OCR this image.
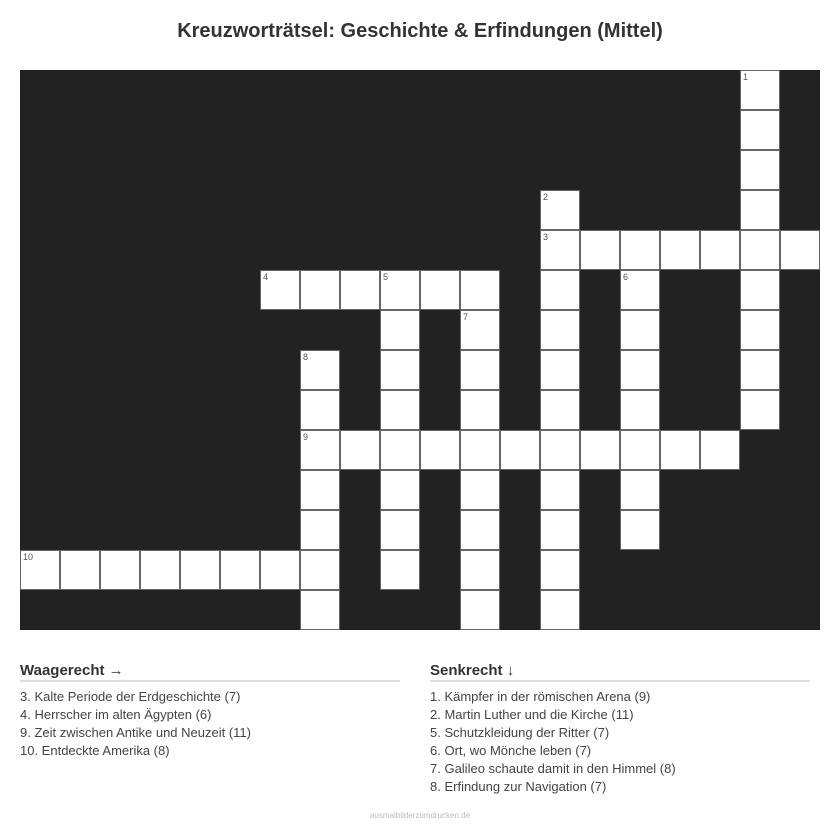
Kreuzworträtsel: Geschichte & Erfindungen (Mittel)
1
2
3
4	5	6
7
8
9
10
Waagerecht →
3. Kalte Periode der Erdgeschichte (7)
4. Herrscher im alten Ägypten (6)
9. Zeit zwischen Antike und Neuzeit (11)
10. Entdeckte Amerika (8)
Senkrecht ↓
1. Kämpfer in der römischen Arena (9)
2. Martin Luther und die Kirche (11)
5. Schutzkleidung der Ritter (7)
6. Ort, wo Mönche leben (7)
7. Galileo schaute damit in den Himmel (8)
8. Erfindung zur Navigation (7)
ausmalbilderzumdrucken.de
